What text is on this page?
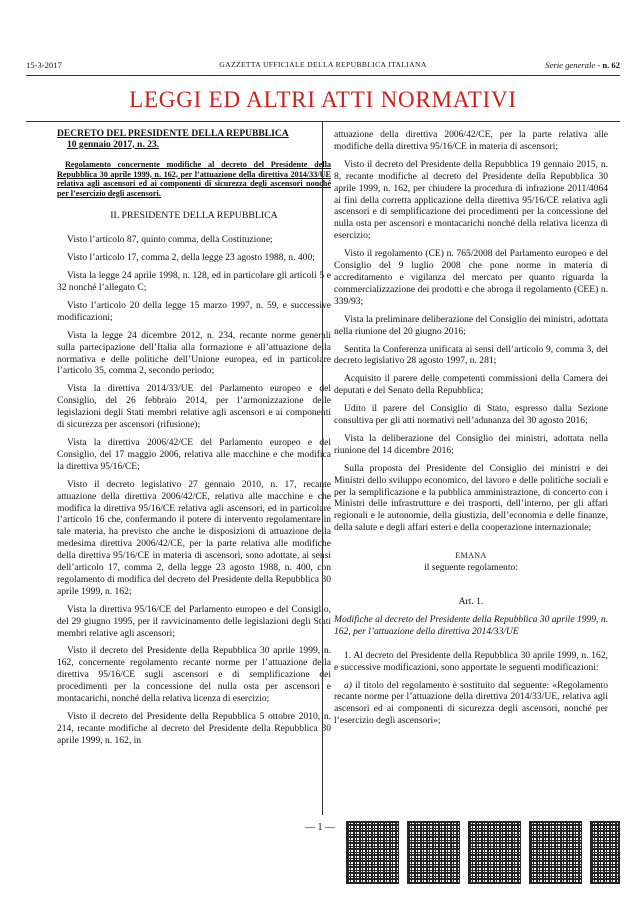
15-3-2017	GAZZETTA UFFICIALE DELLA REPUBBLICA ITALIANA	Serie generale - n. 62
LEGGI ED ALTRI ATTI NORMATIVI
DECRETO DEL PRESIDENTE DELLA REPUBBLICA
10 gennaio 2017, n. 23.
Regolamento concernente modifiche al decreto del Presidente della Repubblica 30 aprile 1999, n. 162, per l’attuazione della direttiva 2014/33/UE relativa agli ascensori ed ai componenti di sicurezza degli ascensori nonché per l’esercizio degli ascensori.
IL PRESIDENTE DELLA REPUBBLICA

Visto l’articolo 87, quinto comma, della Costituzione;

Visto l’articolo 17, comma 2, della legge 23 agosto 1988, n. 400;

Vista la legge 24 aprile 1998, n. 128, ed in particolare gli articoli 5 e 32 nonché l’allegato C;

Visto l’articolo 20 della legge 15 marzo 1997, n. 59, e successive modificazioni;

Vista la legge 24 dicembre 2012, n. 234, recante norme generali sulla partecipazione dell’Italia alla formazione e all’attuazione della normativa e delle politiche dell’Unione europea, ed in particolare l’articolo 35, comma 2, secondo periodo;

Vista la direttiva 2014/33/UE del Parlamento europeo e del Consiglio, del 26 febbraio 2014, per l’armonizzazione delle legislazioni degli Stati membri relative agli ascensori e ai componenti di sicurezza per ascensori (rifusione);

Vista la direttiva 2006/42/CE del Parlamento europeo e del Consiglio, del 17 maggio 2006, relativa alle macchine e che modifica la direttiva 95/16/CE;

Visto il decreto legislativo 27 gennaio 2010, n. 17, recante attuazione della direttiva 2006/42/CE, relativa alle macchine e che modifica la direttiva 95/16/CE relativa agli ascensori, ed in particolare l’articolo 16 che, confermando il potere di intervento regolamentare in tale materia, ha previsto che anche le disposizioni di attuazione della medesima direttiva 2006/42/CE, per la parte relativa alle modifiche della direttiva 95/16/CE in materia di ascensori, sono adottate, ai sensi dell’articolo 17, comma 2, della legge 23 agosto 1988, n. 400, con regolamento di modifica del decreto del Presidente della Repubblica 30 aprile 1999, n. 162;

Vista la direttiva 95/16/CE del Parlamento europeo e del Consiglio, del 29 giugno 1995, per il ravvicinamento delle legislazioni degli Stati membri relative agli ascensori;

Visto il decreto del Presidente della Repubblica 30 aprile 1999, n. 162, concernente regolamento recante norme per l’attuazione della direttiva 95/16/CE sugli ascensori e di semplificazione dei procedimenti per la concessione del nulla osta per ascensori e montacarichi, nonché della relativa licenza di esercizio;

Visto il decreto del Presidente della Repubblica 5 ottobre 2010, n. 214, recante modifiche al decreto del Presidente della Repubblica 30 aprile 1999, n. 162, in

attuazione della direttiva 2006/42/CE, per la parte relativa alle modifiche della direttiva 95/16/CE in materia di ascensori;

Visto il decreto del Presidente della Repubblica 19 gennaio 2015, n. 8, recante modifiche al decreto del Presidente della Repubblica 30 aprile 1999, n. 162, per chiudere la procedura di infrazione 2011/4064 ai fini della corretta applicazione della direttiva 95/16/CE relativa agli ascensori e di semplificazione dei procedimenti per la concessione del nulla osta per ascensori e montacarichi nonché della relativa licenza di esercizio;

Visto il regolamento (CE) n. 765/2008 del Parlamento europeo e del Consiglio del 9 luglio 2008 che pone norme in materia di accreditamento e vigilanza del mercato per quanto riguarda la commercializzazione dei prodotti e che abroga il regolamento (CEE) n. 339/93;

Vista la preliminare deliberazione del Consiglio dei ministri, adottata nella riunione del 20 giugno 2016;

Sentita la Conferenza unificata ai sensi dell’articolo 9, comma 3, del decreto legislativo 28 agosto 1997, n. 281;

Acquisito il parere delle competenti commissioni della Camera dei deputati e del Senato della Repubblica;

Udito il parere del Consiglio di Stato, espresso dalla Sezione consultiva per gli atti normativi nell’adunanza del 30 agosto 2016;

Vista la deliberazione del Consiglio dei ministri, adottata nella riunione del 14 dicembre 2016;

Sulla proposta del Presidente del Consiglio dei ministri e dei Ministri dello sviluppo economico, del lavoro e delle politiche sociali e per la semplificazione e la pubblica amministrazione, di concerto con i Ministri delle infrastrutture e dei trasporti, dell’interno, per gli affari regionali e le autonomie, della giustizia, dell’economia e delle finanze, della salute e degli affari esteri e della cooperazione internazionale;

EMANA
il seguente regolamento:
Art. 1.
Modifiche al decreto del Presidente della Repubblica 30 aprile 1999, n. 162, per l’attuazione della direttiva 2014/33/UE

1. Al decreto del Presidente della Repubblica 30 aprile 1999, n. 162, e successive modificazioni, sono apportate le seguenti modificazioni:

a) il titolo del regolamento è sostituito dal seguente: «Regolamento recante norme per l’attuazione della direttiva 2014/33/UE, relativa agli ascensori ed ai componenti di sicurezza degli ascensori, nonché per l’esercizio degli ascensori»;

— 1 —
